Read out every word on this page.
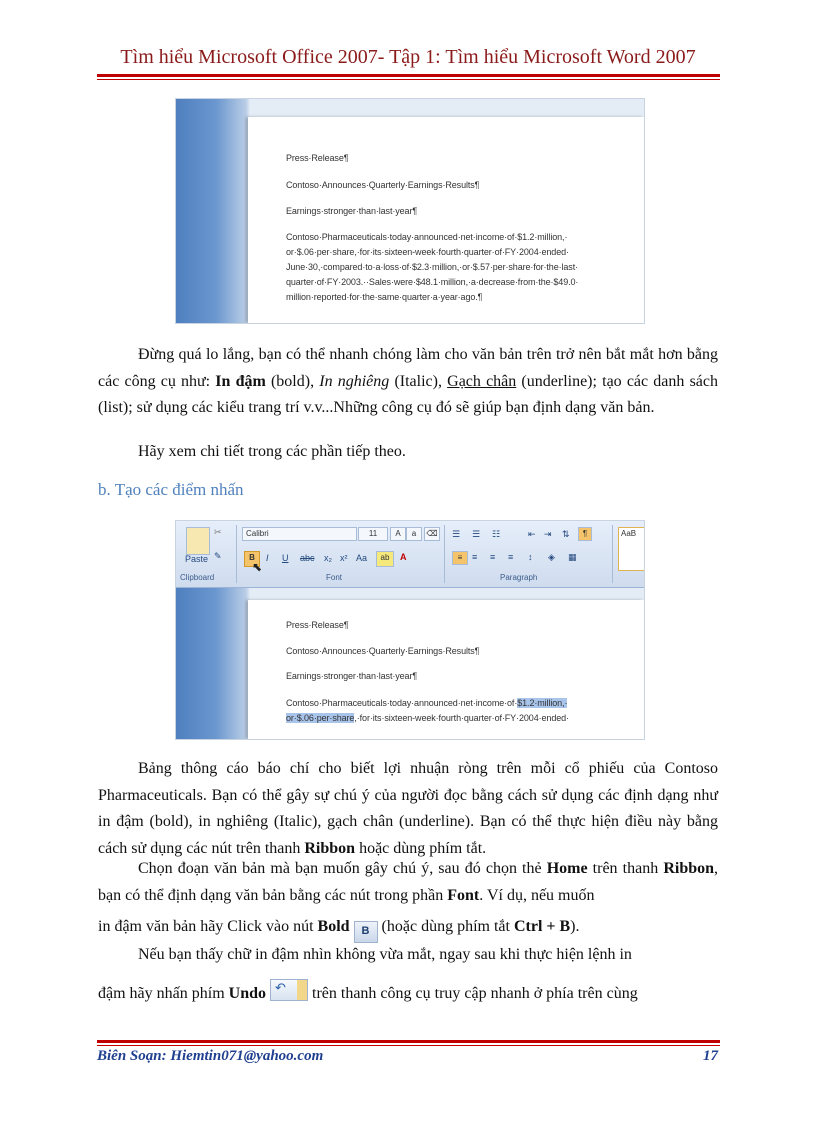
Tìm hiểu Microsoft Office 2007- Tập 1: Tìm hiểu Microsoft Word 2007
Press·Release¶
Contoso·Announces·Quarterly·Earnings·Results¶
Earnings·stronger·than·last·year¶
Contoso·Pharmaceuticals·today·announced·net·income·of·$1.2·million,·
or·$.06·per·share,·for·its·sixteen-week·fourth·quarter·of·FY·2004·ended·
June·30,·compared·to·a·loss·of·$2.3·million,·or·$.57·per·share·for·the·last·
quarter·of·FY·2003.··Sales·were·$48.1·million,·a·decrease·from·the·$49.0·
million·reported·for·the·same·quarter·a·year·ago.¶
Đừng quá lo lắng, bạn có thể nhanh chóng làm cho văn bản trên trở nên bắt mắt hơn bằng các công cụ như: In đậm (bold), In nghiêng (Italic), Gạch chân (underline); tạo các danh sách (list); sử dụng các kiểu trang trí v.v...Những công cụ đó sẽ giúp bạn định dạng văn bản.
Hãy xem chi tiết trong các phần tiếp theo.
b. Tạo các điểm nhấn
Paste
✂
✎
Clipboard
Calibri	11	A	a	⌫
B
⬉
I U abc x₂ x² Aa	ab	A
Font
☰ ☰ ☷	⇤ ⇥ ⇅	¶
≡	≡ ≡ ≡ ↕ ◈ ▦
Paragraph
AaB
Press·Release¶
Contoso·Announces·Quarterly·Earnings·Results¶
Earnings·stronger·than·last·year¶
Contoso·Pharmaceuticals·today·announced·net·income·of·$1.2·million,·
or·$.06·per·share,·for·its·sixteen-week·fourth·quarter·of·FY·2004·ended·
Bảng thông cáo báo chí cho biết lợi nhuận ròng trên mỗi cổ phiếu của Contoso Pharmaceuticals. Bạn có thể gây sự chú ý của người đọc bằng cách sử dụng các định dạng như in đậm (bold), in nghiêng (Italic), gạch chân (underline). Bạn có thể thực hiện điều này bằng cách sử dụng các nút trên thanh Ribbon hoặc dùng phím tắt.
Chọn đoạn văn bản mà bạn muốn gây chú ý, sau đó chọn thẻ Home trên thanh Ribbon, bạn có thể định dạng văn bản bằng các nút trong phần Font. Ví dụ, nếu muốn
in đậm văn bản hãy Click vào nút Bold B (hoặc dùng phím tắt Ctrl + B).
Nếu bạn thấy chữ in đậm nhìn không vừa mắt, ngay sau khi thực hiện lệnh in
đậm hãy nhấn phím Undo ↶ trên thanh công cụ truy cập nhanh ở phía trên cùng
Biên Soạn: Hiemtin071@yahoo.com	17
